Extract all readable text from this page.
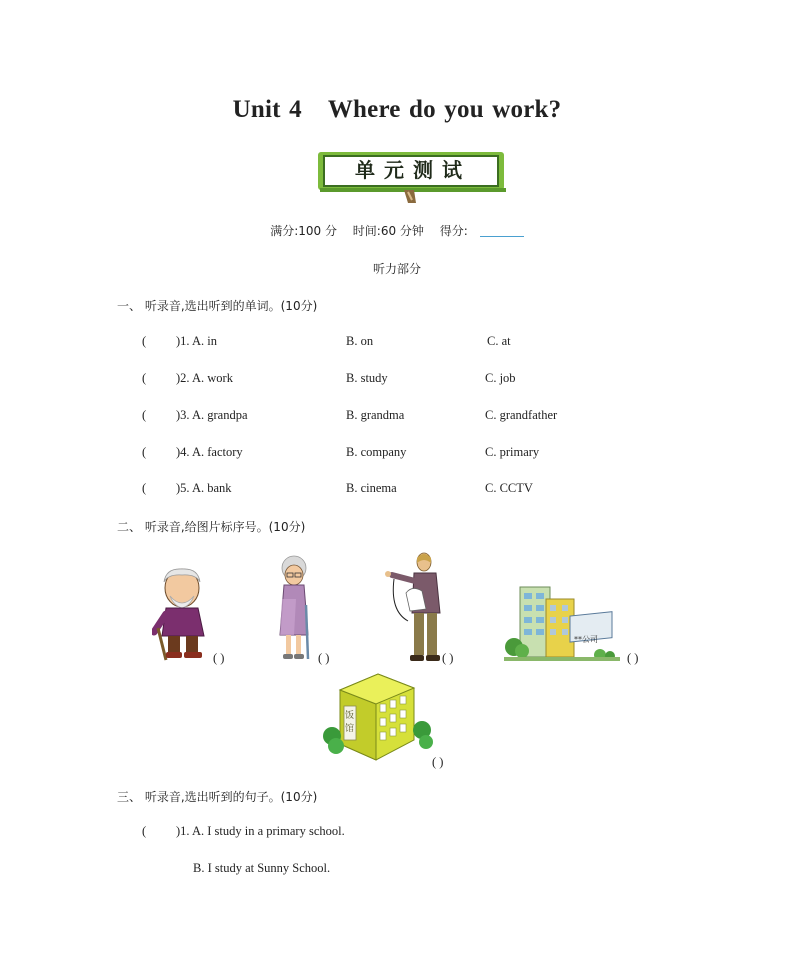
Unit 4 Where do you work?
单元测试
满分:100 分 时间:60 分钟 得分:
听力部分
一、 听录音,选出听到的单词。(10分)
( )1. A. in	B. on	C. at
( )2. A. work	B. study	C. job
( )3. A. grandpa	B. grandma	C. grandfather
( )4. A. factory	B. company	C. primary
( )5. A. bank	B. cinema	C. CCTV
二、 听录音,给图片标序号。(10分)
( )	( )	( )
**公司
( )
饭
馆
( )
三、 听录音,选出听到的句子。(10分)
( )1. A. I study in a primary school.
B. I study at Sunny School.
